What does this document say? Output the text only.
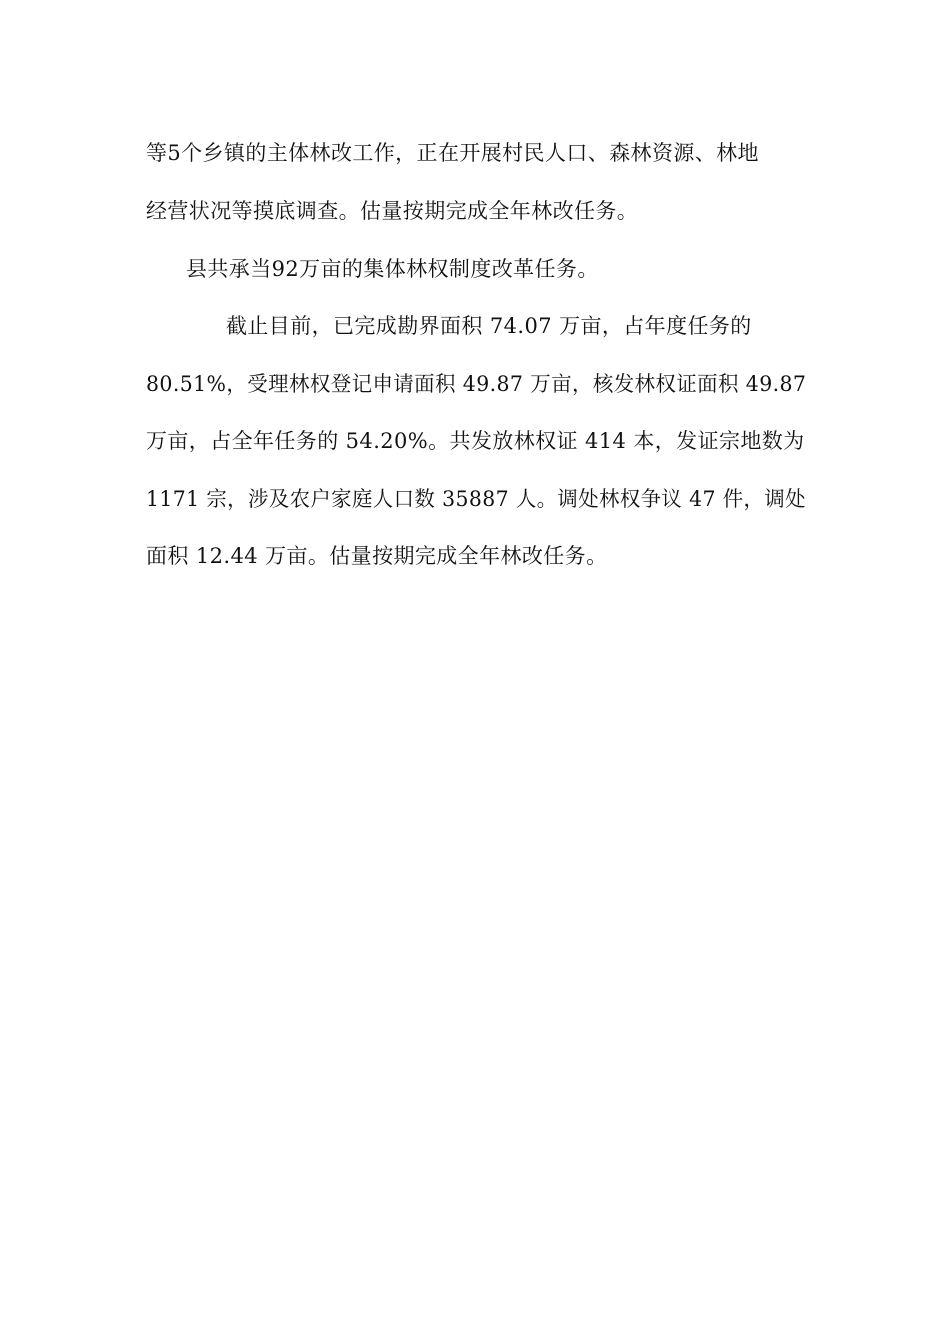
等5个乡镇的主体林改工作，正在开展村民人口、森林资源、林地
经营状况等摸底调查。估量按期完成全年林改任务。
县共承当92万亩的集体林权制度改革任务。
截止目前，已完成勘界面积 74.07 万亩，占年度任务的
80.51%，受理林权登记申请面积 49.87 万亩，核发林权证面积 49.87
万亩，占全年任务的 54.20%。共发放林权证 414 本，发证宗地数为
1171 宗，涉及农户家庭人口数 35887 人。调处林权争议 47 件，调处
面积 12.44 万亩。估量按期完成全年林改任务。
